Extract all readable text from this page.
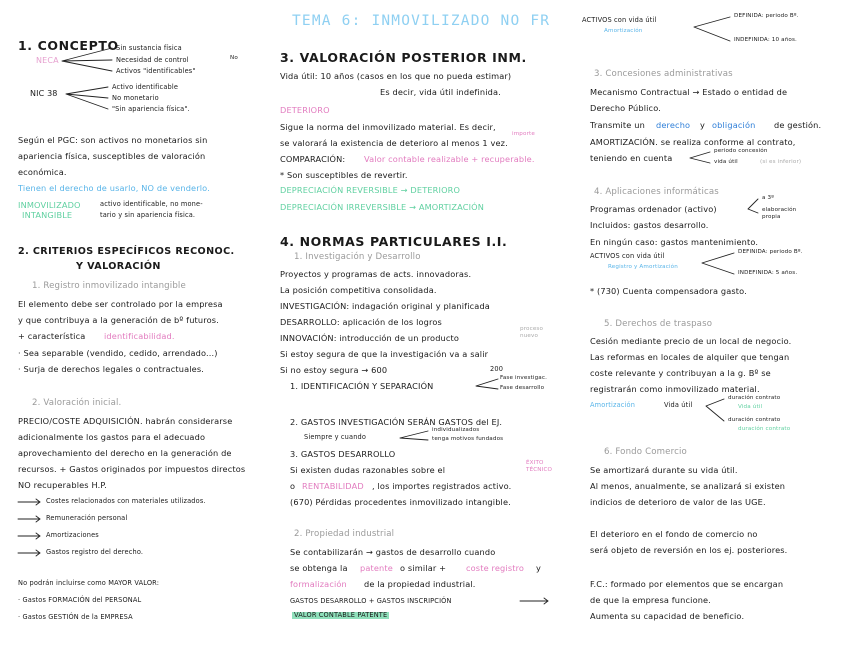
TEMA 6: INMOVILIZADO NO FR
1. CONCEPTO
NECA
Sin sustancia física
Necesidad de control
Activos "identificables"
No
NIC 38
Activo identificable
No monetario
"Sin apariencia física".
Según el PGC: son activos no monetarios sin
apariencia física, susceptibles de valoración
económica.
Tienen el derecho de usarlo, NO de venderlo.
INMOVILIZADO
INTANGIBLE
activo identificable, no mone-
tario y sin apariencia física.
2. CRITERIOS ESPECÍFICOS RECONOC.
Y VALORACIÓN
1. Registro inmovilizado intangible
El elemento debe ser controlado por la empresa
y que contribuya a la generación de bº futuros.
+ característica identificabilidad.
· Sea separable (vendido, cedido, arrendado...)
· Surja de derechos legales o contractuales.
2. Valoración inicial.
PRECIO/COSTE ADQUISICIÓN. habrán considerarse
adicionalmente los gastos para el adecuado
aprovechamiento del derecho en la generación de
recursos. + Gastos originados por impuestos directos
NO recuperables H.P.
Costes relacionados con materiales utilizados.
Remuneración personal
Amortizaciones
Gastos registro del derecho.
No podrán incluirse como MAYOR VALOR:
· Gastos FORMACIÓN del PERSONAL
· Gastos GESTIÓN de la EMPRESA
3. VALORACIÓN POSTERIOR INM.
Vida útil: 10 años (casos en los que no pueda estimar)
Es decir, vida útil indefinida.
DETERIORO
Sigue la norma del inmovilizado material. Es decir,
se valorará la existencia de deterioro al menos 1 vez.
importe
COMPARACIÓN: Valor contable realizable + recuperable.
* Son susceptibles de revertir.
DEPRECIACIÓN REVERSIBLE → DETERIORO
DEPRECIACIÓN IRREVERSIBLE → AMORTIZACIÓN
4. NORMAS PARTICULARES I.I.
1. Investigación y Desarrollo
Proyectos y programas de acts. innovadoras.
La posición competitiva consolidada.
INVESTIGACIÓN: indagación original y planificada
DESARROLLO: aplicación de los logros
proceso nuevo
INNOVACIÓN: introducción de un producto
Si estoy segura de que la investigación va a salir
Si no estoy segura → 600	200
Fase investigac.
Fase desarrollo
1. IDENTIFICACIÓN Y SEPARACIÓN
2. GASTOS INVESTIGACIÓN SERÁN GASTOS del EJ.
Siempre y cuando
individualizados
tenga motivos fundados
3. GASTOS DESARROLLO
ÉXITO TÉCNICO
Si existen dudas razonables sobre el
o RENTABILIDAD , los importes registrados activo.
(670) Pérdidas procedentes inmovilizado intangible.
2. Propiedad industrial
Se contabilizarán → gastos de desarrollo cuando
se obtenga la patente o similar + coste registro y
formalización de la propiedad industrial.
GASTOS DESARROLLO + GASTOS INSCRIPCIÓN
VALOR CONTABLE PATENTE
ACTIVOS con vida útil
Amortización
DEFINIDA: periodo Bº.
INDEFINIDA: 10 años.
3. Concesiones administrativas
Mecanismo Contractual → Estado o entidad de
Derecho Público.
Transmite un derecho y obligación de gestión.
AMORTIZACIÓN. se realiza conforme al contrato,
teniendo en cuenta
periodo concesión
vida útil	(si es inferior)
4. Aplicaciones informáticas
Programas ordenador (activo)
a 3º
elaboración propia
Incluidos: gastos desarrollo.
En ningún caso: gastos mantenimiento.
ACTIVOS con vida útil
Registro y Amortización
DEFINIDA: periodo Bº.
INDEFINIDA: 5 años.
* (730) Cuenta compensadora gasto.
5. Derechos de traspaso
Cesión mediante precio de un local de negocio.
Las reformas en locales de alquiler que tengan
coste relevante y contribuyan a la g. Bº se
registrarán como inmovilizado material.
Amortización	Vida útil
duración contrato
Vida útil
duración contrato
duración contrato
6. Fondo Comercio
Se amortizará durante su vida útil.
Al menos, anualmente, se analizará si existen
indicios de deterioro de valor de las UGE.
El deterioro en el fondo de comercio no
será objeto de reversión en los ej. posteriores.
F.C.: formado por elementos que se encargan
de que la empresa funcione.
Aumenta su capacidad de beneficio.
